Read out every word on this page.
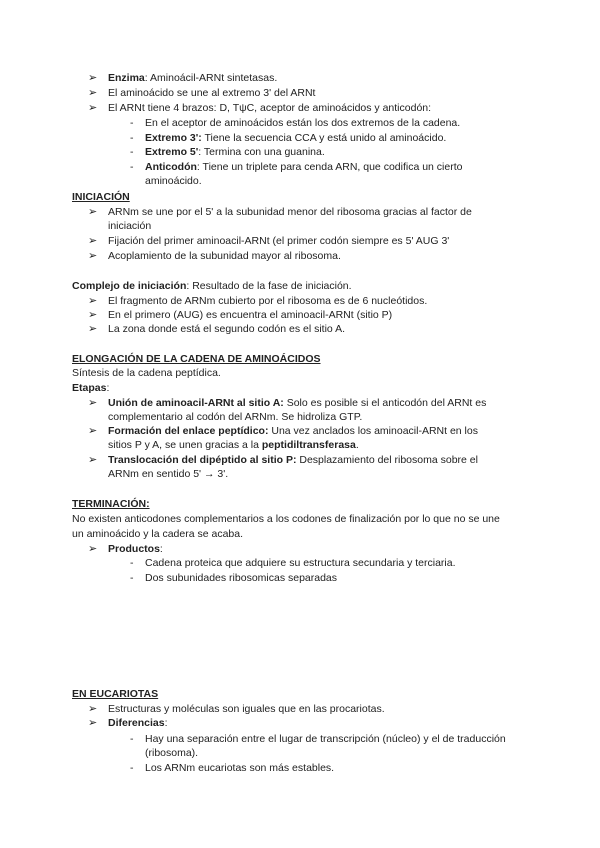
➢ Enzima: Aminoácil-ARNt sintetasas.
➢ El aminoácido se une al extremo 3' del ARNt
➢ El ARNt tiene 4 brazos: D, TψC, aceptor de aminoácidos y anticodón:
- En el aceptor de aminoácidos están los dos extremos de la cadena.
- Extremo 3': Tiene la secuencia CCA y está unido al aminoácido.
- Extremo 5': Termina con una guanina.
- Anticodón: Tiene un triplete para cenda ARN, que codifica un cierto
aminoácido.
INICIACIÓN
➢ ARNm se une por el 5' a la subunidad menor del ribosoma gracias al factor de
iniciación
➢ Fijación del primer aminoacil-ARNt (el primer codón siempre es 5' AUG 3'
➢ Acoplamiento de la subunidad mayor al ribosoma.
Complejo de iniciación: Resultado de la fase de iniciación.
➢ El fragmento de ARNm cubierto por el ribosoma es de 6 nucleótidos.
➢ En el primero (AUG) es encuentra el aminoacil-ARNt (sitio P)
➢ La zona donde está el segundo codón es el sitio A.
ELONGACIÓN DE LA CADENA DE AMINOÁCIDOS
Síntesis de la cadena peptídica.
Etapas:
➢ Unión de aminoacil-ARNt al sitio A: Solo es posible si el anticodón del ARNt es
complementario al codón del ARNm. Se hidroliza GTP.
➢ Formación del enlace peptídico: Una vez anclados los aminoacil-ARNt en los
sitios P y A, se unen gracias a la peptidiltransferasa.
➢ Translocación del dipéptido al sitio P: Desplazamiento del ribosoma sobre el
ARNm en sentido 5' → 3'.
TERMINACIÓN:
No existen anticodones complementarios a los codones de finalización por lo que no se une
un aminoácido y la cadera se acaba.
➢ Productos:
- Cadena proteica que adquiere su estructura secundaria y terciaria.
- Dos subunidades ribosomicas separadas
EN EUCARIOTAS
➢ Estructuras y moléculas son iguales que en las procariotas.
➢ Diferencias:
- Hay una separación entre el lugar de transcripción (núcleo) y el de traducción
(ribosoma).
- Los ARNm eucariotas son más estables.
